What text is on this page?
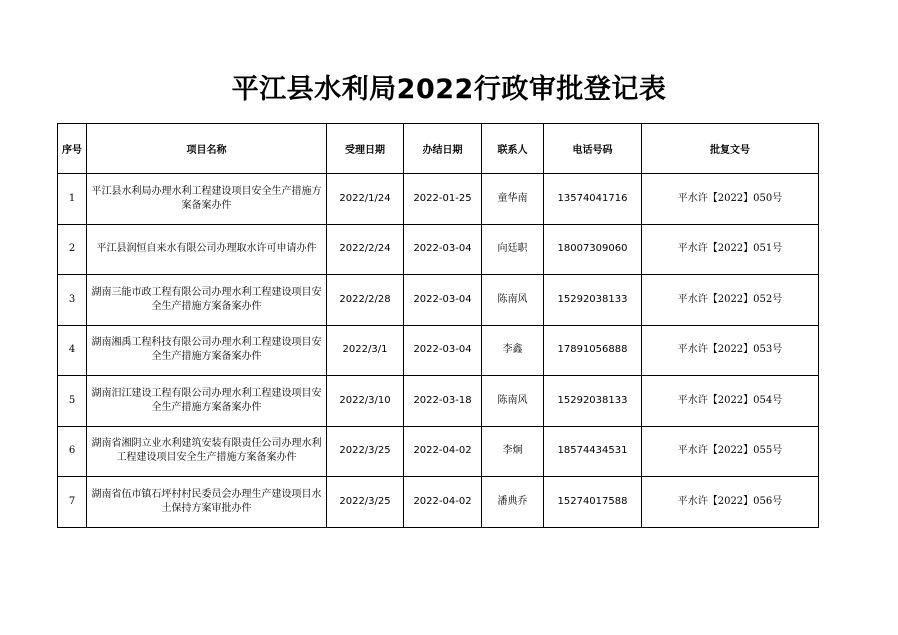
平江县水利局2022行政审批登记表
序号	项目名称	受理日期	办结日期	联系人	电话号码	批复文号
1	平江县水利局办理水利工程建设项目安全生产措施方案备案办件	2022/1/24	2022-01-25	童华南	13574041716	平水许【2022】050号
2	平江县润恒自来水有限公司办理取水许可申请办件	2022/2/24	2022-03-04	向廷职	18007309060	平水许【2022】051号
3	湖南三能市政工程有限公司办理水利工程建设项目安全生产措施方案备案办件	2022/2/28	2022-03-04	陈南风	15292038133	平水许【2022】052号
4	湖南湘禹工程科技有限公司办理水利工程建设项目安全生产措施方案备案办件	2022/3/1	2022-03-04	李鑫	17891056888	平水许【2022】053号
5	湖南汨江建设工程有限公司办理水利工程建设项目安全生产措施方案备案办件	2022/3/10	2022-03-18	陈南风	15292038133	平水许【2022】054号
6	湖南省湘阴立业水利建筑安装有限责任公司办理水利工程建设项目安全生产措施方案备案办件	2022/3/25	2022-04-02	李炯	18574434531	平水许【2022】055号
7	湖南省伍市镇石坪村村民委员会办理生产建设项目水土保持方案审批办件	2022/3/25	2022-04-02	潘典乔	15274017588	平水许【2022】056号
